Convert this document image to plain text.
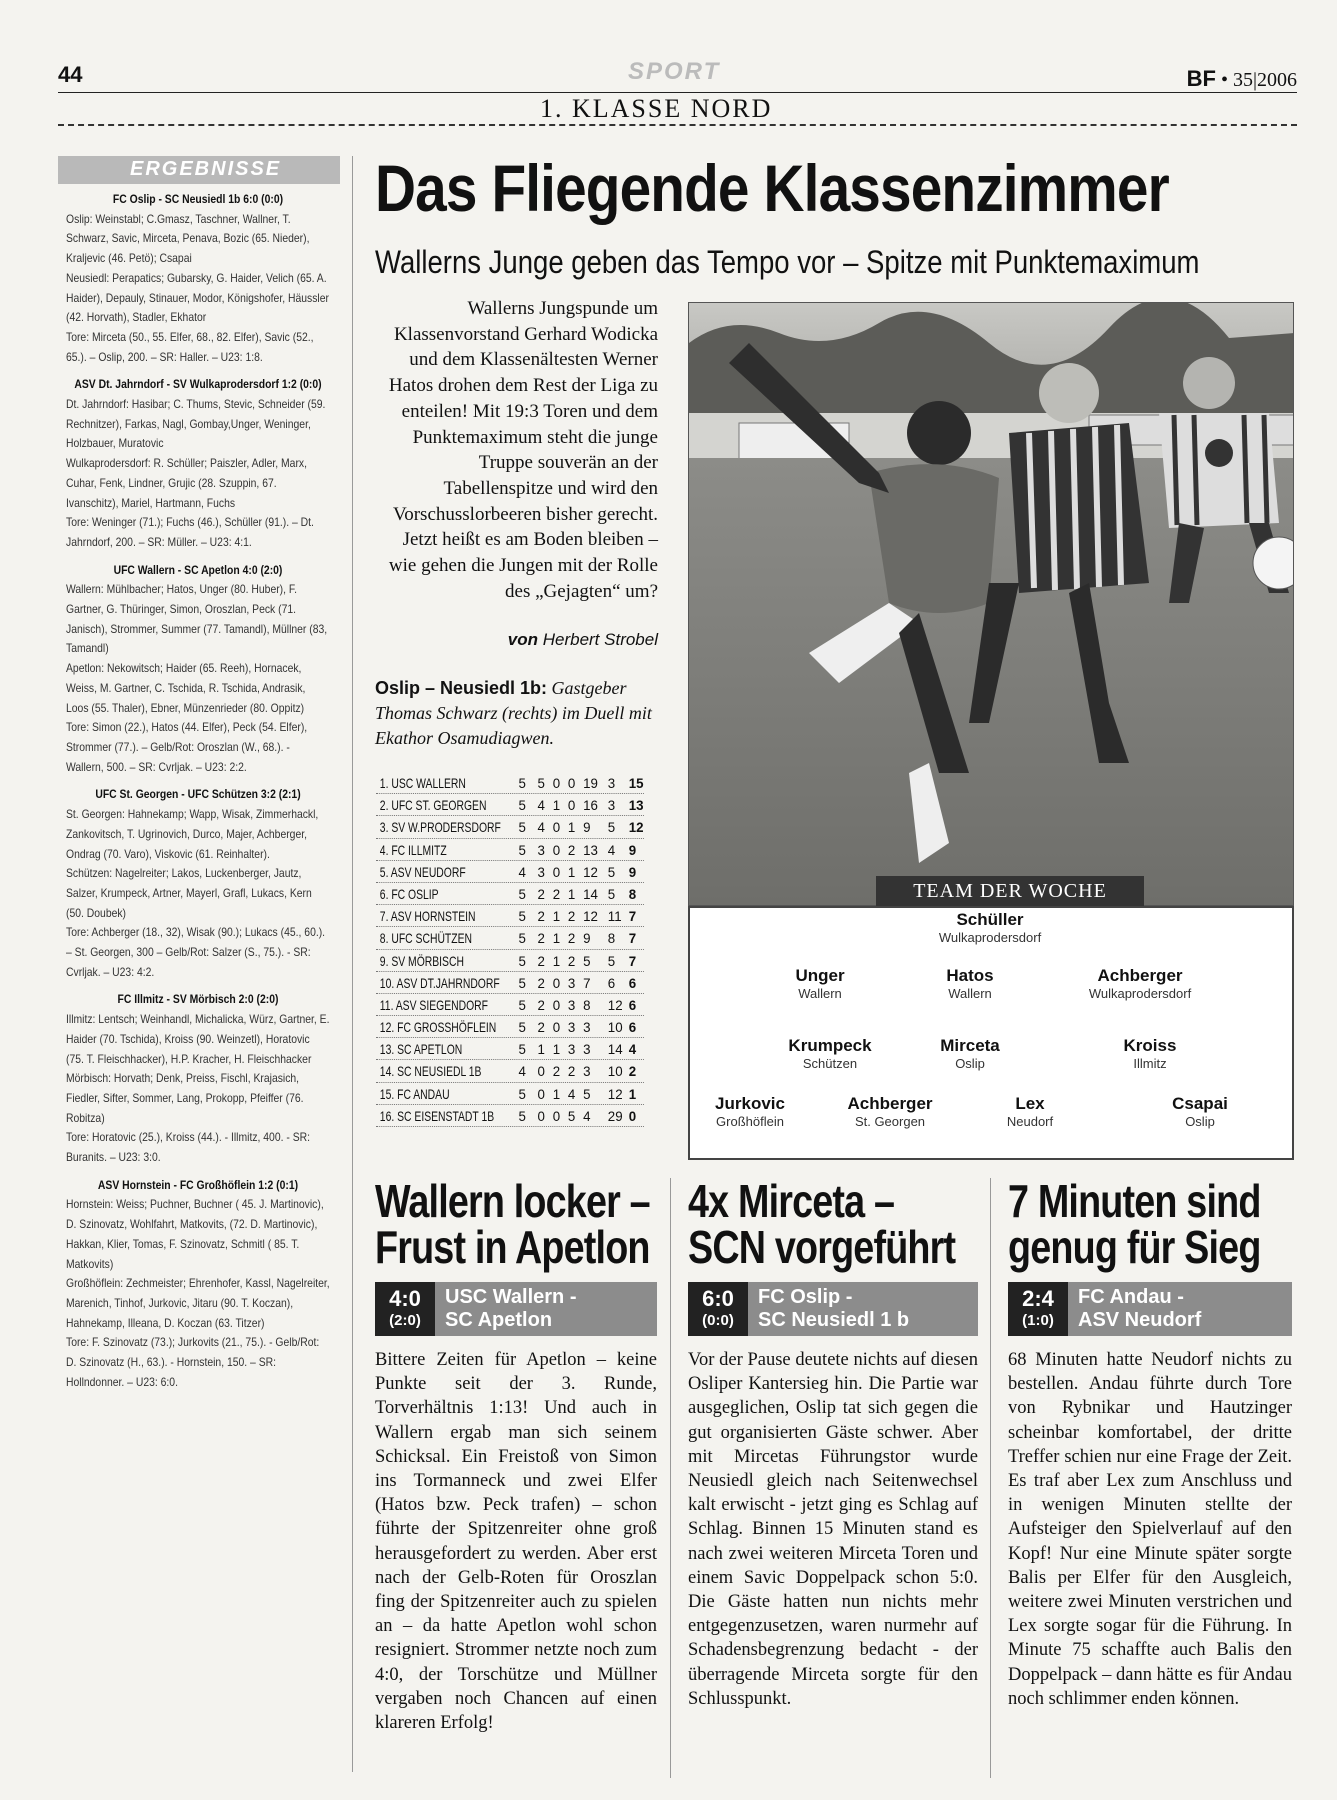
44	SPORT	BF • 35|2006
1. KLASSE NORD
ERGEBNISSE
FC Oslip - SC Neusiedl 1b 6:0 (0:0)

Oslip: Weinstabl; C.Gmasz, Taschner, Wallner, T. Schwarz, Savic, Mirceta, Penava, Bozic (65. Nieder), Kraljevic (46. Petö); Csapai
Neusiedl: Perapatics; Gubarsky, G. Haider, Velich (65. A. Haider), Depauly, Stinauer, Modor, Königshofer, Häussler (42. Horvath), Stadler, Ekhator
Tore: Mirceta (50., 55. Elfer, 68., 82. Elfer), Savic (52., 65.). – Oslip, 200. – SR: Haller. – U23: 1:8.

ASV Dt. Jahrndorf - SV Wulkaprodersdorf 1:2 (0:0)

Dt. Jahrndorf: Hasibar; C. Thums, Stevic, Schneider (59. Rechnitzer), Farkas, Nagl, Gombay,Unger, Weninger, Holzbauer, Muratovic
Wulkaprodersdorf: R. Schüller; Paiszler, Adler, Marx, Cuhar, Fenk, Lindner, Grujic (28. Szuppin, 67. Ivanschitz), Mariel, Hartmann, Fuchs
Tore: Weninger (71.); Fuchs (46.), Schüller (91.). – Dt. Jahrndorf, 200. – SR: Müller. – U23: 4:1.

UFC Wallern - SC Apetlon 4:0 (2:0)

Wallern: Mühlbacher; Hatos, Unger (80. Huber), F. Gartner, G. Thüringer, Simon, Oroszlan, Peck (71. Janisch), Strommer, Summer (77. Tamandl), Müllner (83, Tamandl)
Apetlon: Nekowitsch; Haider (65. Reeh), Hornacek, Weiss, M. Gartner, C. Tschida, R. Tschida, Andrasik, Loos (55. Thaler), Ebner, Münzenrieder (80. Oppitz)
Tore: Simon (22.), Hatos (44. Elfer), Peck (54. Elfer), Strommer (77.). – Gelb/Rot: Oroszlan (W., 68.). - Wallern, 500. – SR: Cvrljak. – U23: 2:2.

UFC St. Georgen - UFC Schützen 3:2 (2:1)

St. Georgen: Hahnekamp; Wapp, Wisak, Zimmerhackl, Zankovitsch, T. Ugrinovich, Durco, Majer, Achberger, Ondrag (70. Varo), Viskovic (61. Reinhalter).
Schützen: Nagelreiter; Lakos, Luckenberger, Jautz, Salzer, Krumpeck, Artner, Mayerl, Grafl, Lukacs, Kern (50. Doubek)
Tore: Achberger (18., 32), Wisak (90.); Lukacs (45., 60.). – St. Georgen, 300 – Gelb/Rot: Salzer (S., 75.). - SR: Cvrljak. – U23: 4:2.

FC Illmitz - SV Mörbisch 2:0 (2:0)

Illmitz: Lentsch; Weinhandl, Michalicka, Würz, Gartner, E. Haider (70. Tschida), Kroiss (90. Weinzetl), Horatovic (75. T. Fleischhacker), H.P. Kracher, H. Fleischhacker
Mörbisch: Horvath; Denk, Preiss, Fischl, Krajasich, Fiedler, Sifter, Sommer, Lang, Prokopp, Pfeiffer (76. Robitza)
Tore: Horatovic (25.), Kroiss (44.). - Illmitz, 400. - SR: Buranits. – U23: 3:0.

ASV Hornstein - FC Großhöflein 1:2 (0:1)

Hornstein: Weiss; Puchner, Buchner ( 45. J. Martinovic), D. Szinovatz, Wohlfahrt, Matkovits, (72. D. Martinovic), Hakkan, Klier, Tomas, F. Szinovatz, Schmitl ( 85. T. Matkovits)
Großhöflein: Zechmeister; Ehrenhofer, Kassl, Nagelreiter, Marenich, Tinhof, Jurkovic, Jitaru (90. T. Koczan), Hahnekamp, Illeana, D. Koczan (63. Titzer)
Tore: F. Szinovatz (73.); Jurkovits (21., 75.). - Gelb/Rot: D. Szinovatz (H., 63.). - Hornstein, 150. – SR: Hollndonner. – U23: 6:0.

Das Fliegende Klassenzimmer
Wallerns Junge geben das Tempo vor – Spitze mit Punktemaximum
Wallerns Jungspunde um Klassenvorstand Gerhard Wodicka und dem Klassenältesten Werner Hatos drohen dem Rest der Liga zu enteilen! Mit 19:3 Toren und dem Punktemaximum steht die junge Truppe souverän an der Tabellenspitze und wird den Vorschusslorbeeren bisher gerecht. Jetzt heißt es am Boden bleiben – wie gehen die Jungen mit der Rolle des „Gejagten“ um?
von Herbert Strobel
Oslip – Neusiedl 1b: Gastgeber Thomas Schwarz (rechts) im Duell mit Ekathor Osamudiagwen.
1. USC WALLERN	5 5 0 0 19 3 15
2. UFC ST. GEORGEN 5 4 1 0 16 3 13
3. SV W.PRODERSDORF 5 4 0 1 9 5 12
4. FC ILLMITZ	5 3 0 2 13 4 9
5. ASV NEUDORF	4 3 0 1 12 5 9
6. FC OSLIP	5 2 2 1 14 5 8
7. ASV HORNSTEIN	5 2 1 2 12 11 7
8. UFC SCHÜTZEN	5 2 1 2 9 8 7
9. SV MÖRBISCH	5 2 1 2 5 5 7
10. ASV DT.JAHRNDORF 5 2 0 3 7 6 6
11. ASV SIEGENDORF 5 2 0 3 8 12 6
12. FC GROSSHÖFLEIN 5 2 0 3 3 10 6
13. SC APETLON	5 1 1 3 3 14 4
14. SC NEUSIEDL 1B	4 0 2 2 3 10 2
15. FC ANDAU	5 0 1 4 5 12 1
16. SC EISENSTADT 1B 5 0 0 5 4 29 0
Schüller
Wulkaprodersdorf
Unger
Wallern
Hatos
Wallern
Achberger
Wulkaprodersdorf
Krumpeck
Schützen
Mirceta
Oslip
Kroiss
Illmitz
Jurkovic
Großhöflein
Achberger
St. Georgen
Lex
Neudorf
Csapai
Oslip
TEAM DER WOCHE
Wallern locker –
Frust in Apetlon
4:0
(2:0)
USC Wallern -
SC Apetlon
Bittere Zeiten für Apetlon – keine Punkte seit der 3. Runde, Torverhältnis 1:13! Und auch in Wallern ergab man sich seinem Schicksal. Ein Freistoß von Simon ins Tormanneck und zwei Elfer (Hatos bzw. Peck trafen) – schon führte der Spitzenreiter ohne groß herausgefordert zu werden. Aber erst nach der Gelb-Roten für Oroszlan fing der Spitzenreiter auch zu spielen an – da hatte Apetlon wohl schon resigniert. Strommer netzte noch zum 4:0, der Torschütze und Müllner vergaben noch Chancen auf einen klareren Erfolg!
4x Mirceta –
SCN vorgeführt
6:0
(0:0)
FC Oslip -
SC Neusiedl 1 b
Vor der Pause deutete nichts auf diesen Osliper Kantersieg hin. Die Partie war ausgeglichen, Oslip tat sich gegen die gut organisierten Gäste schwer. Aber mit Mircetas Führungstor wurde Neusiedl gleich nach Seitenwechsel kalt erwischt - jetzt ging es Schlag auf Schlag. Binnen 15 Minuten stand es nach zwei weiteren Mirceta Toren und einem Savic Doppelpack schon 5:0. Die Gäste hatten nun nichts mehr entgegenzusetzen, waren nurmehr auf Schadensbegrenzung bedacht - der überragende Mirceta sorgte für den Schlusspunkt.
7 Minuten sind
genug für Sieg
2:4
(1:0)
FC Andau -
ASV Neudorf
68 Minuten hatte Neudorf nichts zu bestellen. Andau führte durch Tore von Rybnikar und Hautzinger scheinbar komfortabel, der dritte Treffer schien nur eine Frage der Zeit. Es traf aber Lex zum Anschluss und in wenigen Minuten stellte der Aufsteiger den Spielverlauf auf den Kopf! Nur eine Minute später sorgte Balis per Elfer für den Ausgleich, weitere zwei Minuten verstrichen und Lex sorgte sogar für die Führung. In Minute 75 schaffte auch Balis den Doppelpack – dann hätte es für Andau noch schlimmer enden können.
